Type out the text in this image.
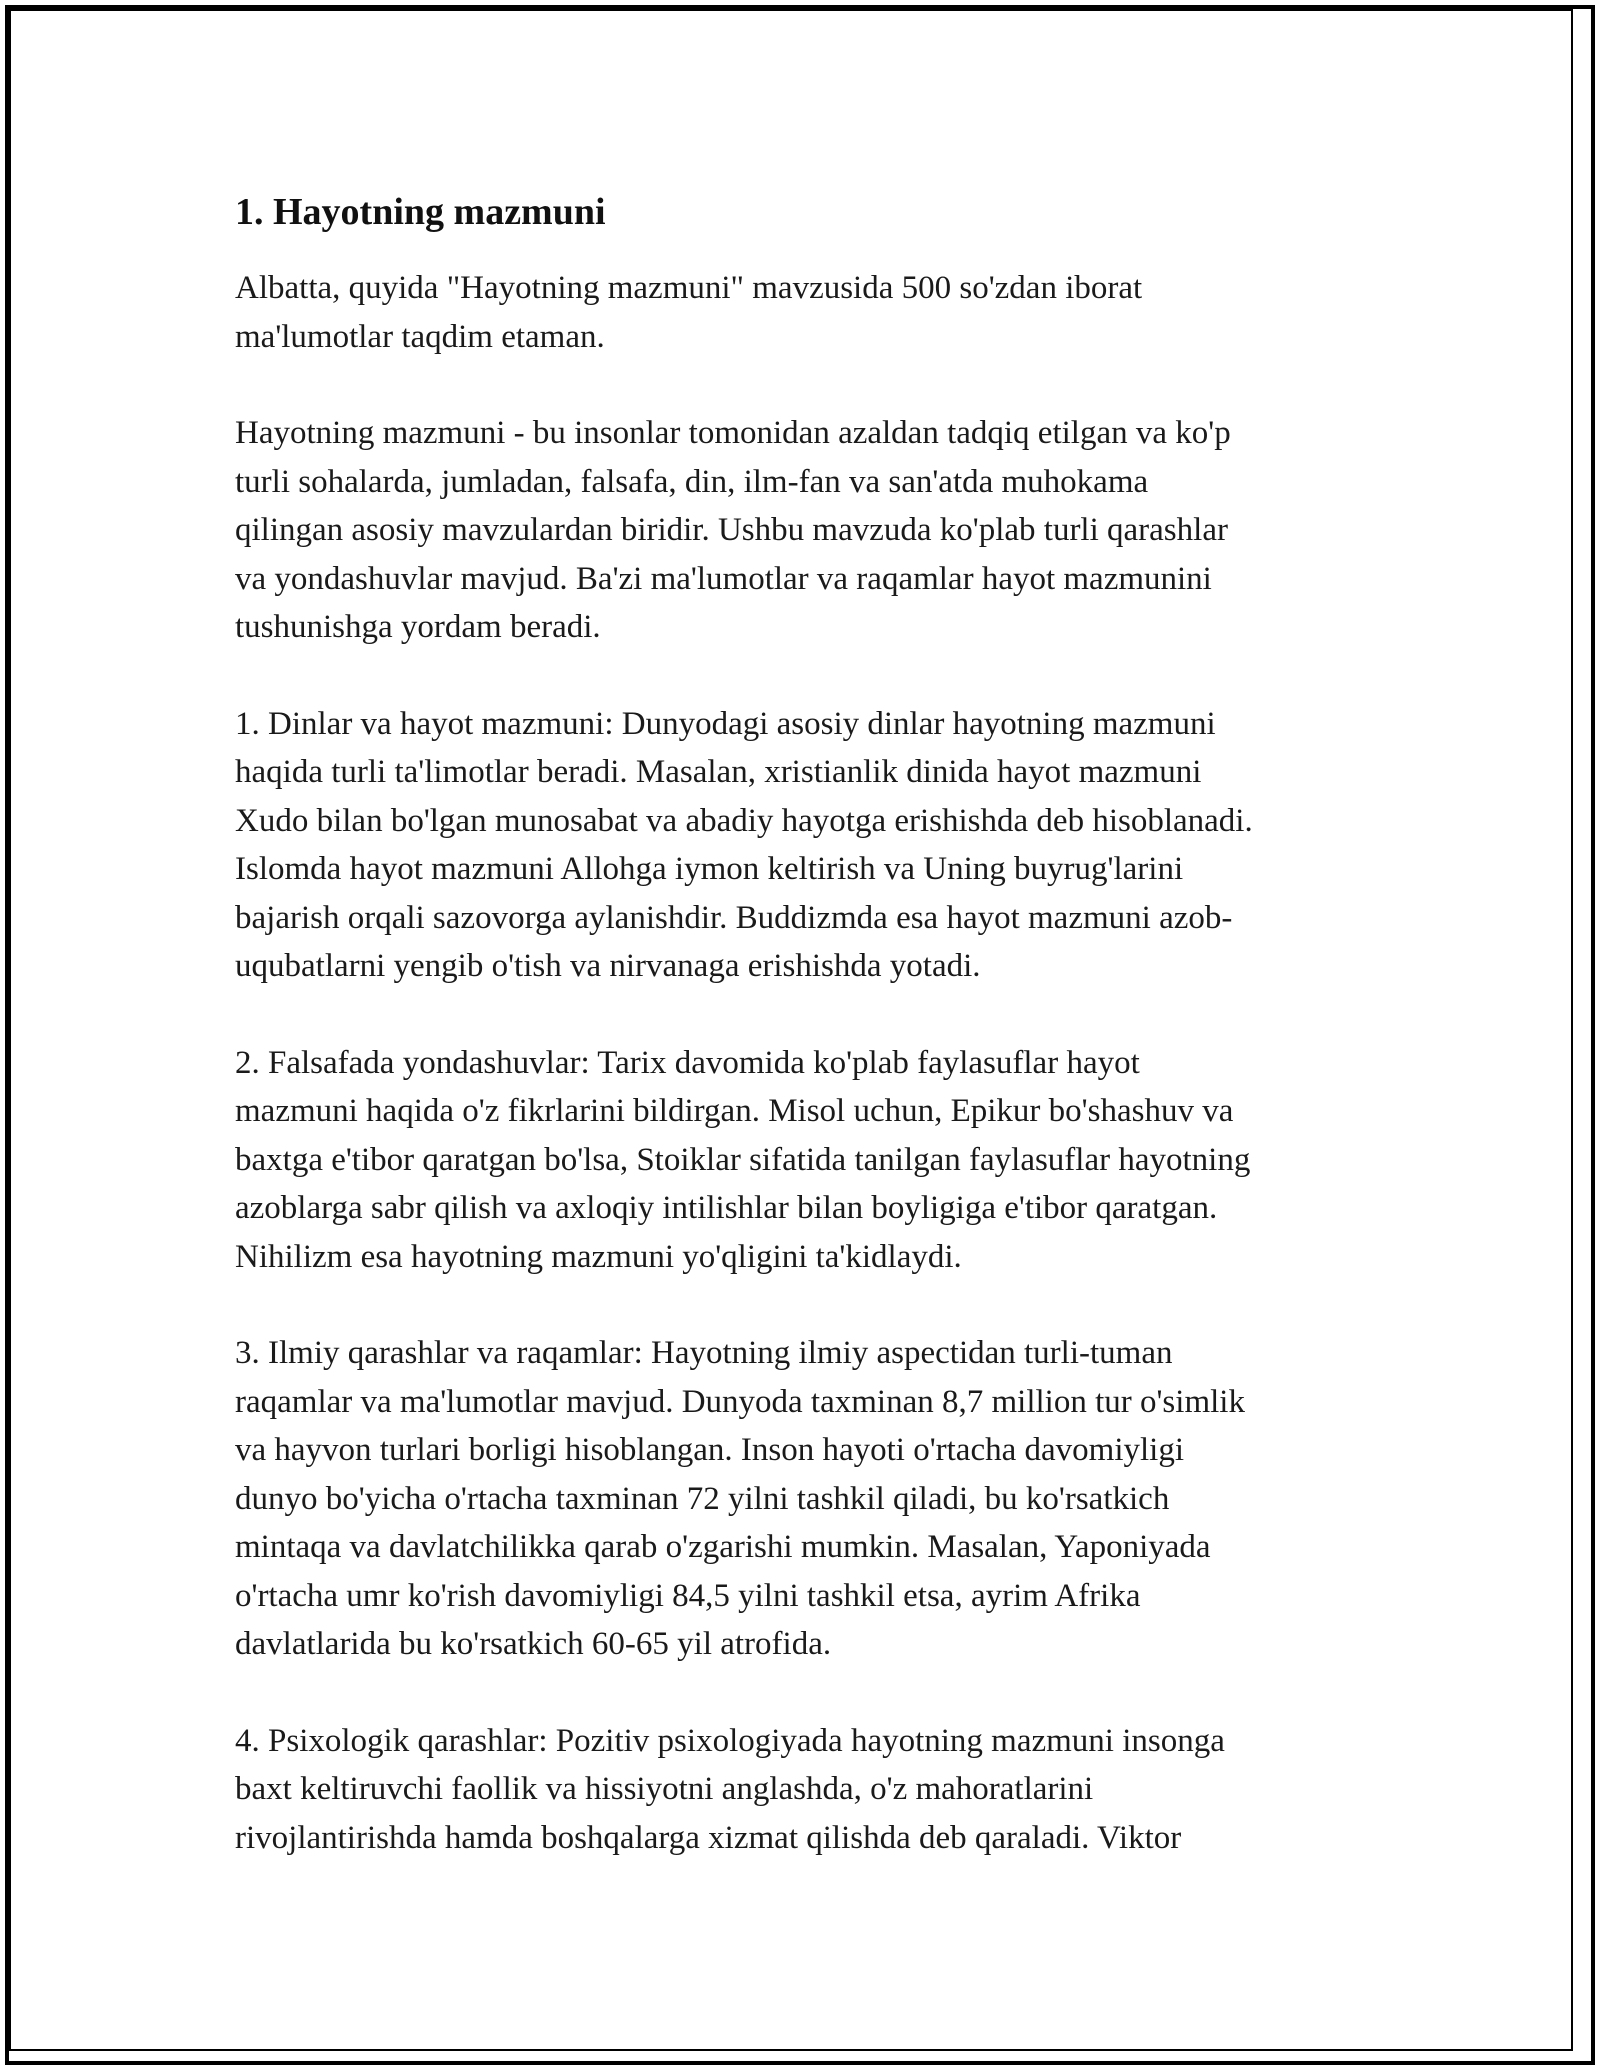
1. Hayotning mazmuni

Albatta, quyida "Hayotning mazmuni" mavzusida 500 so'zdan iborat
ma'lumotlar taqdim etaman.

Hayotning mazmuni - bu insonlar tomonidan azaldan tadqiq etilgan va ko'p
turli sohalarda, jumladan, falsafa, din, ilm-fan va san'atda muhokama
qilingan asosiy mavzulardan biridir. Ushbu mavzuda ko'plab turli qarashlar
va yondashuvlar mavjud. Ba'zi ma'lumotlar va raqamlar hayot mazmunini
tushunishga yordam beradi.

1. Dinlar va hayot mazmuni: Dunyodagi asosiy dinlar hayotning mazmuni
haqida turli ta'limotlar beradi. Masalan, xristianlik dinida hayot mazmuni
Xudo bilan bo'lgan munosabat va abadiy hayotga erishishda deb hisoblanadi.
Islomda hayot mazmuni Allohga iymon keltirish va Uning buyrug'larini
bajarish orqali sazovorga aylanishdir. Buddizmda esa hayot mazmuni azob-
uqubatlarni yengib o'tish va nirvanaga erishishda yotadi.

2. Falsafada yondashuvlar: Tarix davomida ko'plab faylasuflar hayot
mazmuni haqida o'z fikrlarini bildirgan. Misol uchun, Epikur bo'shashuv va
baxtga e'tibor qaratgan bo'lsa, Stoiklar sifatida tanilgan faylasuflar hayotning
azoblarga sabr qilish va axloqiy intilishlar bilan boyligiga e'tibor qaratgan.
Nihilizm esa hayotning mazmuni yo'qligini ta'kidlaydi.

3. Ilmiy qarashlar va raqamlar: Hayotning ilmiy aspectidan turli-tuman
raqamlar va ma'lumotlar mavjud. Dunyoda taxminan 8,7 million tur o'simlik
va hayvon turlari borligi hisoblangan. Inson hayoti o'rtacha davomiyligi
dunyo bo'yicha o'rtacha taxminan 72 yilni tashkil qiladi, bu ko'rsatkich
mintaqa va davlatchilikka qarab o'zgarishi mumkin. Masalan, Yaponiyada
o'rtacha umr ko'rish davomiyligi 84,5 yilni tashkil etsa, ayrim Afrika
davlatlarida bu ko'rsatkich 60-65 yil atrofida.

4. Psixologik qarashlar: Pozitiv psixologiyada hayotning mazmuni insonga
baxt keltiruvchi faollik va hissiyotni anglashda, o'z mahoratlarini
rivojlantirishda hamda boshqalarga xizmat qilishda deb qaraladi. Viktor
